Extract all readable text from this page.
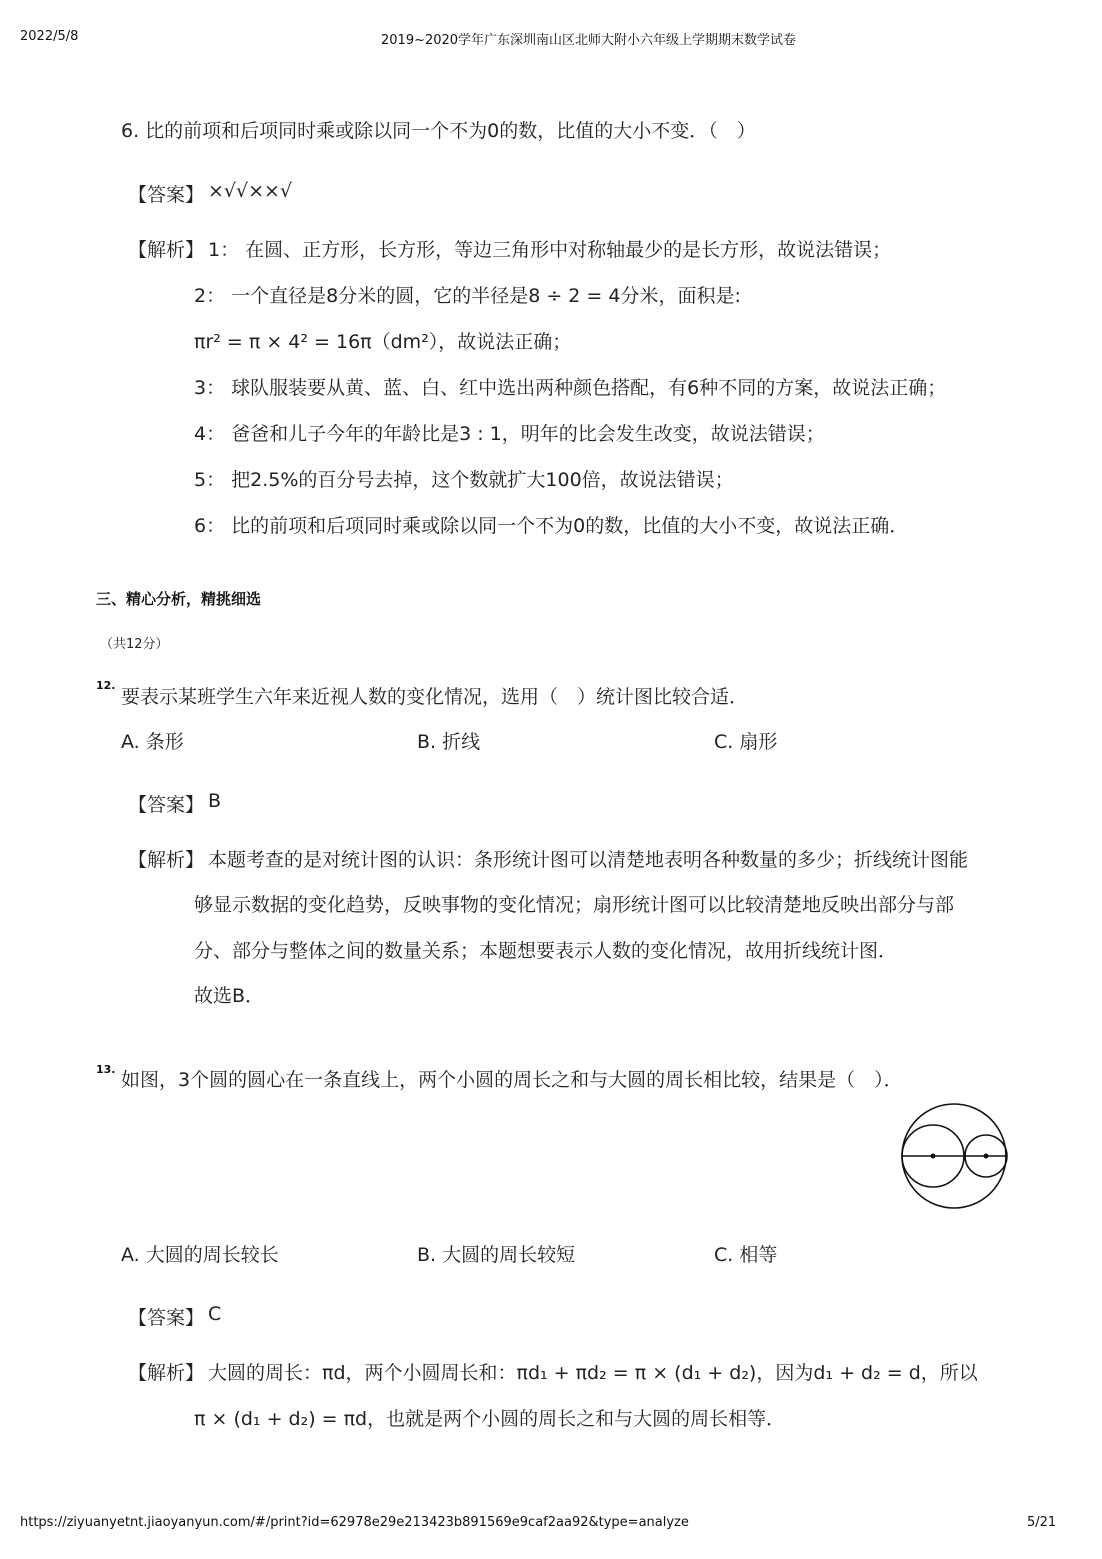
2022/5/8	2019~2020学年广东深圳南山区北师大附小六年级上学期期末数学试卷
6. 比的前项和后项同时乘或除以同一个不为0的数，比值的大小不变．（　）
【答案】 ×√√××√
【解析】 1： 在圆、正方形，长方形，等边三角形中对称轴最少的是长方形，故说法错误；
2： 一个直径是8分米的圆，它的半径是8 ÷ 2 = 4分米，面积是:
πr² = π × 4² = 16π（dm²），故说法正确；
3： 球队服装要从黄、蓝、白、红中选出两种颜色搭配，有6种不同的方案，故说法正确；
4： 爸爸和儿子今年的年龄比是3 : 1，明年的比会发生改变，故说法错误；
5： 把2.5%的百分号去掉，这个数就扩大100倍，故说法错误；
6： 比的前项和后项同时乘或除以同一个不为0的数，比值的大小不变，故说法正确．
三、精心分析，精挑细选
（共12分）
12.
要表示某班学生六年来近视人数的变化情况，选用（　）统计图比较合适．
A. 条形	B. 折线	C. 扇形
【答案】 B
【解析】 本题考查的是对统计图的认识：条形统计图可以清楚地表明各种数量的多少；折线统计图能
够显示数据的变化趋势，反映事物的变化情况；扇形统计图可以比较清楚地反映出部分与部
分、部分与整体之间的数量关系；本题想要表示人数的变化情况，故用折线统计图．
故选B．
13. 如图，3个圆的圆心在一条直线上，两个小圆的周长之和与大圆的周长相比较，结果是（　）．
A. 大圆的周长较长	B. 大圆的周长较短	C. 相等
【答案】 C
【解析】 大圆的周长：πd，两个小圆周长和：πd₁ + πd₂ = π × (d₁ + d₂)，因为d₁ + d₂ = d，所以
π × (d₁ + d₂) = πd，也就是两个小圆的周长之和与大圆的周长相等．
https://ziyuanyetnt.jiaoyanyun.com/#/print?id=62978e29e213423b891569e9caf2aa92&type=analyze	5/21
